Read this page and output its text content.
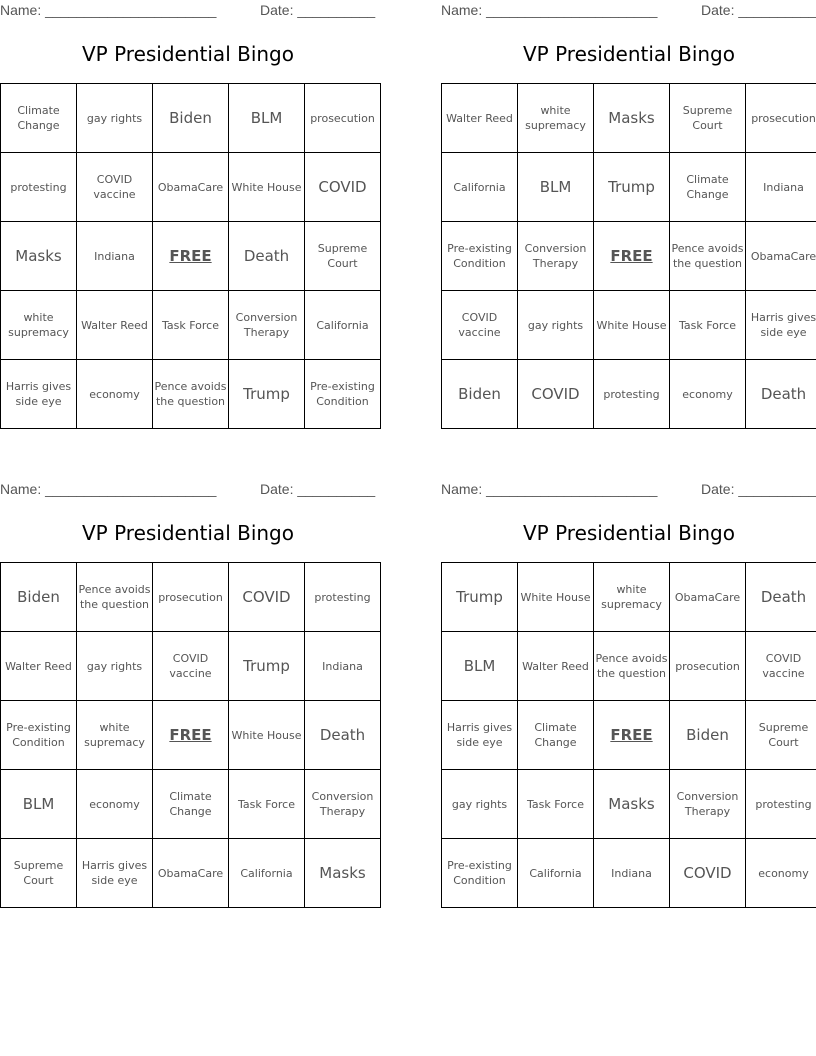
Name: ______________________	Date: __________
VP Presidential Bingo
Climate Change	gay rights	Biden	BLM	prosecution
protesting	COVID vaccine	ObamaCare	White House	COVID
Masks	Indiana	FREE	Death	Supreme Court
white supremacy	Walter Reed	Task Force	Conversion Therapy	California
Harris gives side eye	economy	Pence avoids the question	Trump	Pre-existing Condition
Name: ______________________	Date: __________
VP Presidential Bingo
Walter Reed	white supremacy	Masks	Supreme Court	prosecution
California	BLM	Trump	Climate Change	Indiana
Pre-existing Condition	Conversion Therapy	FREE	Pence avoids the question	ObamaCare
COVID vaccine	gay rights	White House	Task Force	Harris gives side eye
Biden	COVID	protesting	economy	Death
Name: ______________________	Date: __________
VP Presidential Bingo
Biden	Pence avoids the question	prosecution	COVID	protesting
Walter Reed	gay rights	COVID vaccine	Trump	Indiana
Pre-existing Condition	white supremacy	FREE	White House	Death
BLM	economy	Climate Change	Task Force	Conversion Therapy
Supreme Court	Harris gives side eye	ObamaCare	California	Masks
Name: ______________________	Date: __________
VP Presidential Bingo
Trump	White House	white supremacy	ObamaCare	Death
BLM	Walter Reed	Pence avoids the question	prosecution	COVID vaccine
Harris gives side eye	Climate Change	FREE	Biden	Supreme Court
gay rights	Task Force	Masks	Conversion Therapy	protesting
Pre-existing Condition	California	Indiana	COVID	economy
